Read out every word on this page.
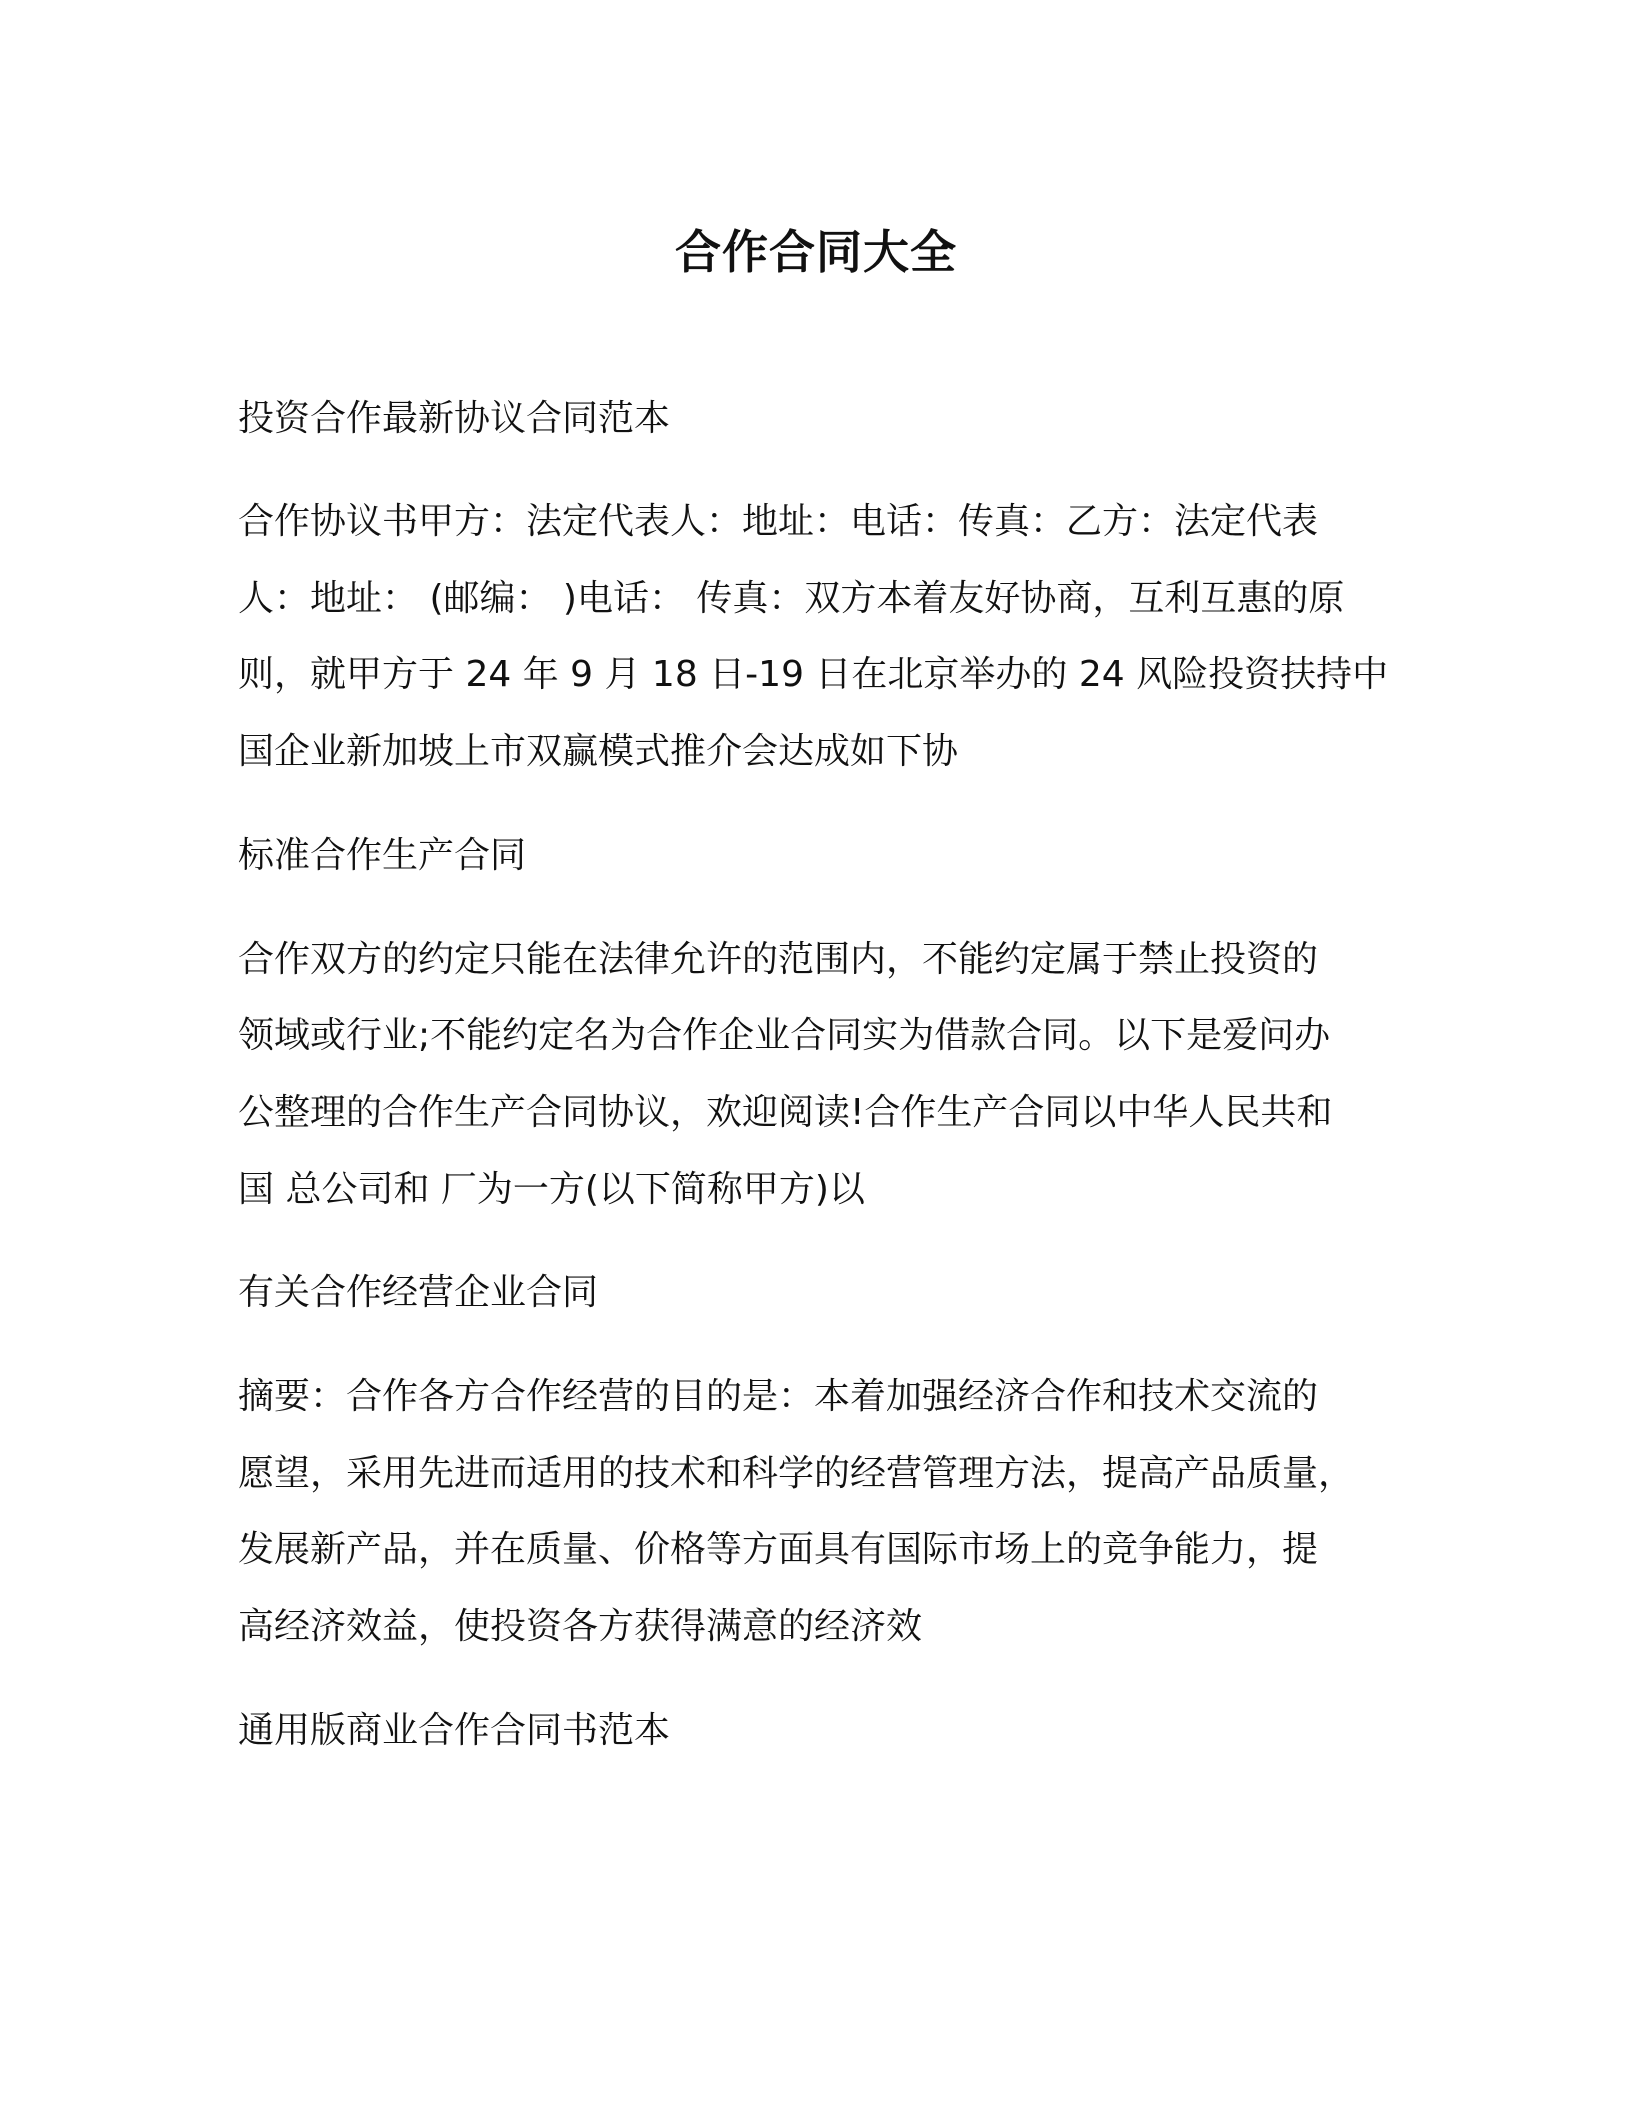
合作合同大全
投资合作最新协议合同范本
合作协议书甲方：法定代表人：地址：电话：传真：乙方：法定代表
人：地址： (邮编： )电话： 传真：双方本着友好协商，互利互惠的原
则，就甲方于 24 年 9 月 18 日-19 日在北京举办的 24 风险投资扶持中
国企业新加坡上市双赢模式推介会达成如下协
标准合作生产合同
合作双方的约定只能在法律允许的范围内，不能约定属于禁止投资的
领域或行业;不能约定名为合作企业合同实为借款合同。以下是爱问办
公整理的合作生产合同协议，欢迎阅读!合作生产合同以中华人民共和
国 总公司和 厂为一方(以下简称甲方)以
有关合作经营企业合同
摘要：合作各方合作经营的目的是：本着加强经济合作和技术交流的
愿望，采用先进而适用的技术和科学的经营管理方法，提高产品质量，
发展新产品，并在质量、价格等方面具有国际市场上的竞争能力，提
高经济效益，使投资各方获得满意的经济效
通用版商业合作合同书范本
